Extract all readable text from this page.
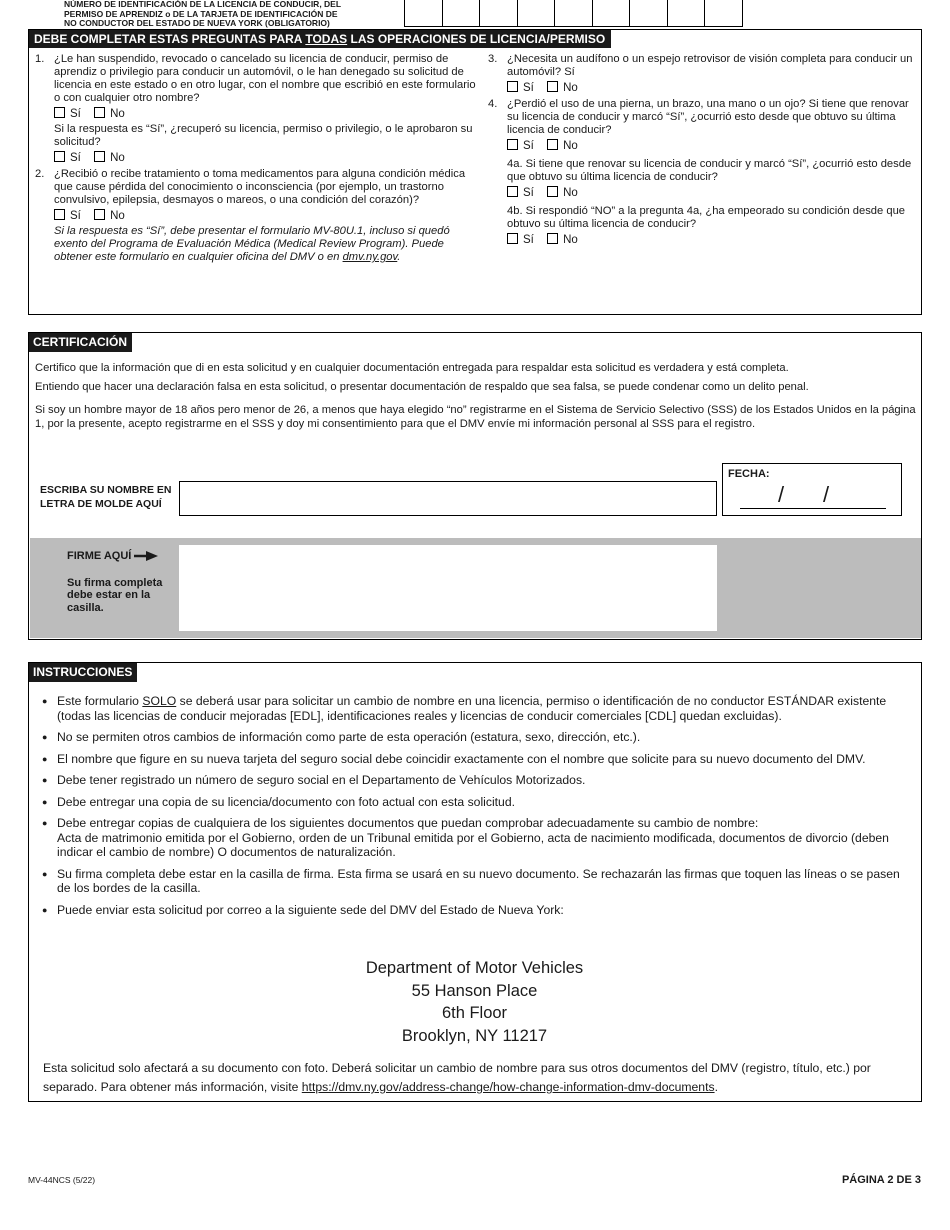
NÚMERO DE IDENTIFICACIÓN DE LA LICENCIA DE CONDUCIR, DEL
PERMISO DE APRENDIZ o DE LA TARJETA DE IDENTIFICACIÓN DE
NO CONDUCTOR DEL ESTADO DE NUEVA YORK (OBLIGATORIO)
DEBE COMPLETAR ESTAS PREGUNTAS PARA TODAS LAS OPERACIONES DE LICENCIA/PERMISO
1. ¿Le han suspendido, revocado o cancelado su licencia de conducir, permiso de aprendiz o privilegio para conducir un automóvil, o le han denegado su solicitud de licencia en este estado o en otro lugar, con el nombre que escribió en este formulario o con cualquier otro nombre?
Sí	No
Si la respuesta es “Sí”, ¿recuperó su licencia, permiso o privilegio, o le aprobaron su solicitud?
Sí	No
2. ¿Recibió o recibe tratamiento o toma medicamentos para alguna condición médica que cause pérdida del conocimiento o inconsciencia (por ejemplo, un trastorno convulsivo, epilepsia, desmayos o mareos, o una condición del corazón)?
Sí	No
Si la respuesta es “Sí”, debe presentar el formulario MV-80U.1, incluso si quedó exento del Programa de Evaluación Médica (Medical Review Program). Puede obtener este formulario en cualquier oficina del DMV o en dmv.ny.gov.
3. ¿Necesita un audífono o un espejo retrovisor de visión completa para conducir un automóvil? Sí
Sí	No
4. ¿Perdió el uso de una pierna, un brazo, una mano o un ojo? Si tiene que renovar su licencia de conducir y marcó “Sí”, ¿ocurrió esto desde que obtuvo su última licencia de conducir?
Sí	No
4a. Si tiene que renovar su licencia de conducir y marcó “Sí”, ¿ocurrió esto desde que obtuvo su última licencia de conducir?
Sí	No
4b. Si respondió “NO” a la pregunta 4a, ¿ha empeorado su condición desde que obtuvo su última licencia de conducir?
Sí	No
CERTIFICACIÓN
Certifico que la información que di en esta solicitud y en cualquier documentación entregada para respaldar esta solicitud es verdadera y está completa.
Entiendo que hacer una declaración falsa en esta solicitud, o presentar documentación de respaldo que sea falsa, se puede condenar como un delito penal.
Si soy un hombre mayor de 18 años pero menor de 26, a menos que haya elegido “no” registrarme en el Sistema de Servicio Selectivo (SSS) de los Estados Unidos en la página 1, por la presente, acepto registrarme en el SSS y doy mi consentimiento para que el DMV envíe mi información personal al SSS para el registro.
ESCRIBA SU NOMBRE EN LETRA DE MOLDE AQUÍ
FECHA:
/ /
FIRME AQUÍ
Su firma completa debe estar en la casilla.
INSTRUCCIONES
● Este formulario SOLO se deberá usar para solicitar un cambio de nombre en una licencia, permiso o identificación de no conductor ESTÁNDAR existente (todas las licencias de conducir mejoradas [EDL], identificaciones reales y licencias de conducir comerciales [CDL] quedan excluidas).
● No se permiten otros cambios de información como parte de esta operación (estatura, sexo, dirección, etc.).
● El nombre que figure en su nueva tarjeta del seguro social debe coincidir exactamente con el nombre que solicite para su nuevo documento del DMV.
● Debe tener registrado un número de seguro social en el Departamento de Vehículos Motorizados.
● Debe entregar una copia de su licencia/documento con foto actual con esta solicitud.
● Debe entregar copias de cualquiera de los siguientes documentos que puedan comprobar adecuadamente su cambio de nombre:
Acta de matrimonio emitida por el Gobierno, orden de un Tribunal emitida por el Gobierno, acta de nacimiento modificada, documentos de divorcio (deben indicar el cambio de nombre) O documentos de naturalización.
● Su firma completa debe estar en la casilla de firma. Esta firma se usará en su nuevo documento. Se rechazarán las firmas que toquen las líneas o se pasen de los bordes de la casilla.
● Puede enviar esta solicitud por correo a la siguiente sede del DMV del Estado de Nueva York:
Department of Motor Vehicles
55 Hanson Place
6th Floor
Brooklyn, NY 11217
Esta solicitud solo afectará a su documento con foto. Deberá solicitar un cambio de nombre para sus otros documentos del DMV (registro, título, etc.) por separado. Para obtener más información, visite https://dmv.ny.gov/address-change/how-change-information-dmv-documents.
MV-44NCS (5/22)	PÁGINA 2 DE 3
